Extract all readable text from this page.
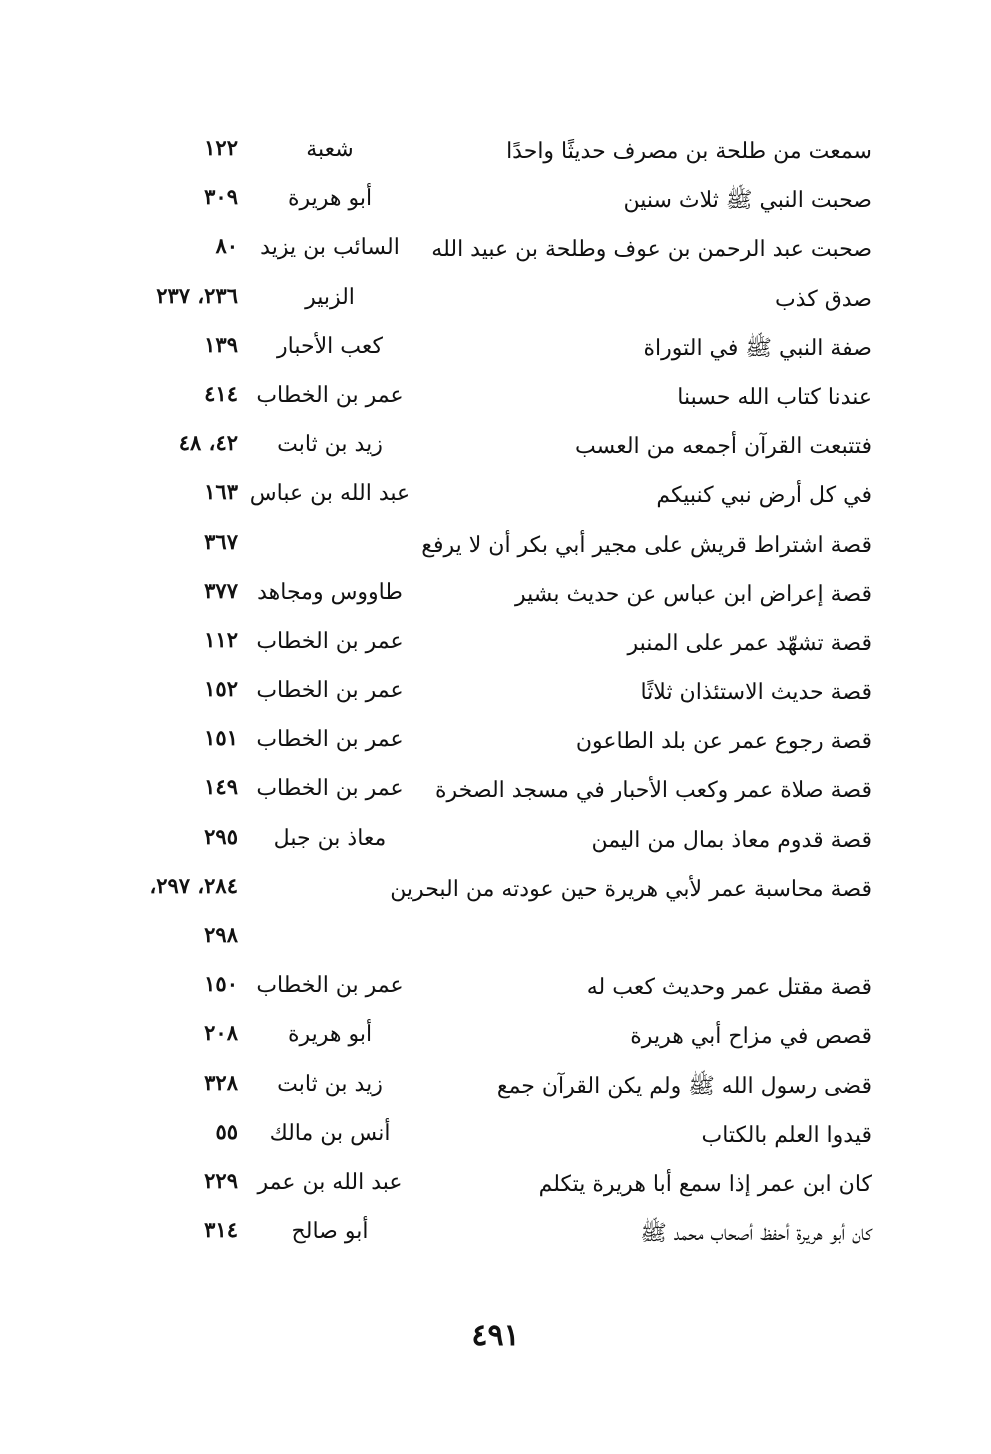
سمعت من طلحة بن مصرف حديثًا واحدًا
شعبة
١٢٢
صحبت النبي ﷺ ثلاث سنين
أبو هريرة
٣٠٩
صحبت عبد الرحمن بن عوف وطلحة بن عبيد الله
السائب بن يزيد
٨٠
صدق كذب
الزبير
٢٣٦، ٢٣٧
صفة النبي ﷺ في التوراة
كعب الأحبار
١٣٩
عندنا كتاب الله حسبنا
عمر بن الخطاب
٤١٤
فتتبعت القرآن أجمعه من العسب
زيد بن ثابت
٤٢، ٤٨
في كل أرض نبي كنبيكم
عبد الله بن عباس
١٦٣
قصة اشتراط قريش على مجير أبي بكر أن لا يرفع
٣٦٧
قصة إعراض ابن عباس عن حديث بشير
طاووس ومجاهد
٣٧٧
قصة تشهّد عمر على المنبر
عمر بن الخطاب
١١٢
قصة حديث الاستئذان ثلاثًا
عمر بن الخطاب
١٥٢
قصة رجوع عمر عن بلد الطاعون
عمر بن الخطاب
١٥١
قصة صلاة عمر وكعب الأحبار في مسجد الصخرة
عمر بن الخطاب
١٤٩
قصة قدوم معاذ بمال من اليمن
معاذ بن جبل
٢٩٥
قصة محاسبة عمر لأبي هريرة حين عودته من البحرين
٢٨٤، ٢٩٧،
٢٩٨
قصة مقتل عمر وحديث كعب له
عمر بن الخطاب
١٥٠
قصص في مزاح أبي هريرة
أبو هريرة
٢٠٨
قضى رسول الله ﷺ ولم يكن القرآن جمع
زيد بن ثابت
٣٢٨
قيدوا العلم بالكتاب
أنس بن مالك
٥٥
كان ابن عمر إذا سمع أبا هريرة يتكلم
عبد الله بن عمر
٢٢٩
كان أبو هريرة أحفظ أصحاب محمد ﷺ
أبو صالح
٣١٤
٤٩١
